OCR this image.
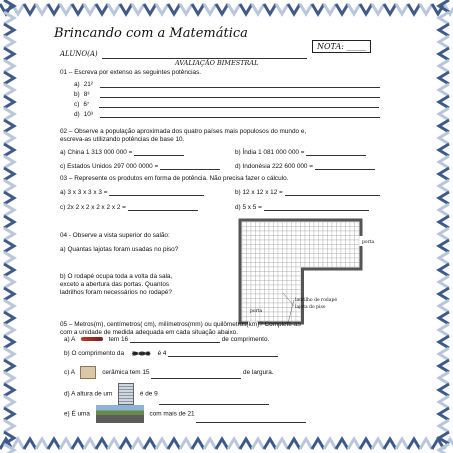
Brincando com a Matemática
NOTA: _____
ALUNO(A)
AVALIAÇÃO BIMESTRAL
01 – Escreva por extenso as seguintes potências.
02 – Observe a população aproximada dos quatro países mais populosos do mundo e,
escreva-as utilizando potências de base 10.
a) China 1 313 000 000 =	b) Índia 1 081 000 000 =
c) Estados Unidos 297 000 0000 =	d) Indonésia 222 600 000 =
03 – Represente os produtos em forma de potência. Não precisa fazer o cálculo.
a) 3 x 3 x 3 x 3 =	b) 12 x 12 x 12 =
c) 2x 2 x 2 x 2 x 2 x 2 =	d) 5 x 5 =
04 - Observe a vista superior do salão:
a) Quantas lajotas foram usadas no piso?
b) O rodapé ocupa toda a volta da sala,
exceto a abertura das portas. Quantos
ladrilhos foram necessários no rodapé?
porta
porta
ladrilho de rodapé
lajota do piso
05 – Metros(m), centímetros( cm), milímetros(mm) ou quilômetros(km)? Complete-as
com a unidade de medida adequada em cada situação abaixo.
a) A	tem 16	de comprimento.
b) O comprimento da	é 4
c) A	cerâmica tem 15	de largura.
d) A altura de um	é de 9
e) É uma	com mais de 21
a) 21²
b) 8³
c) 6⁷
d) 10³
